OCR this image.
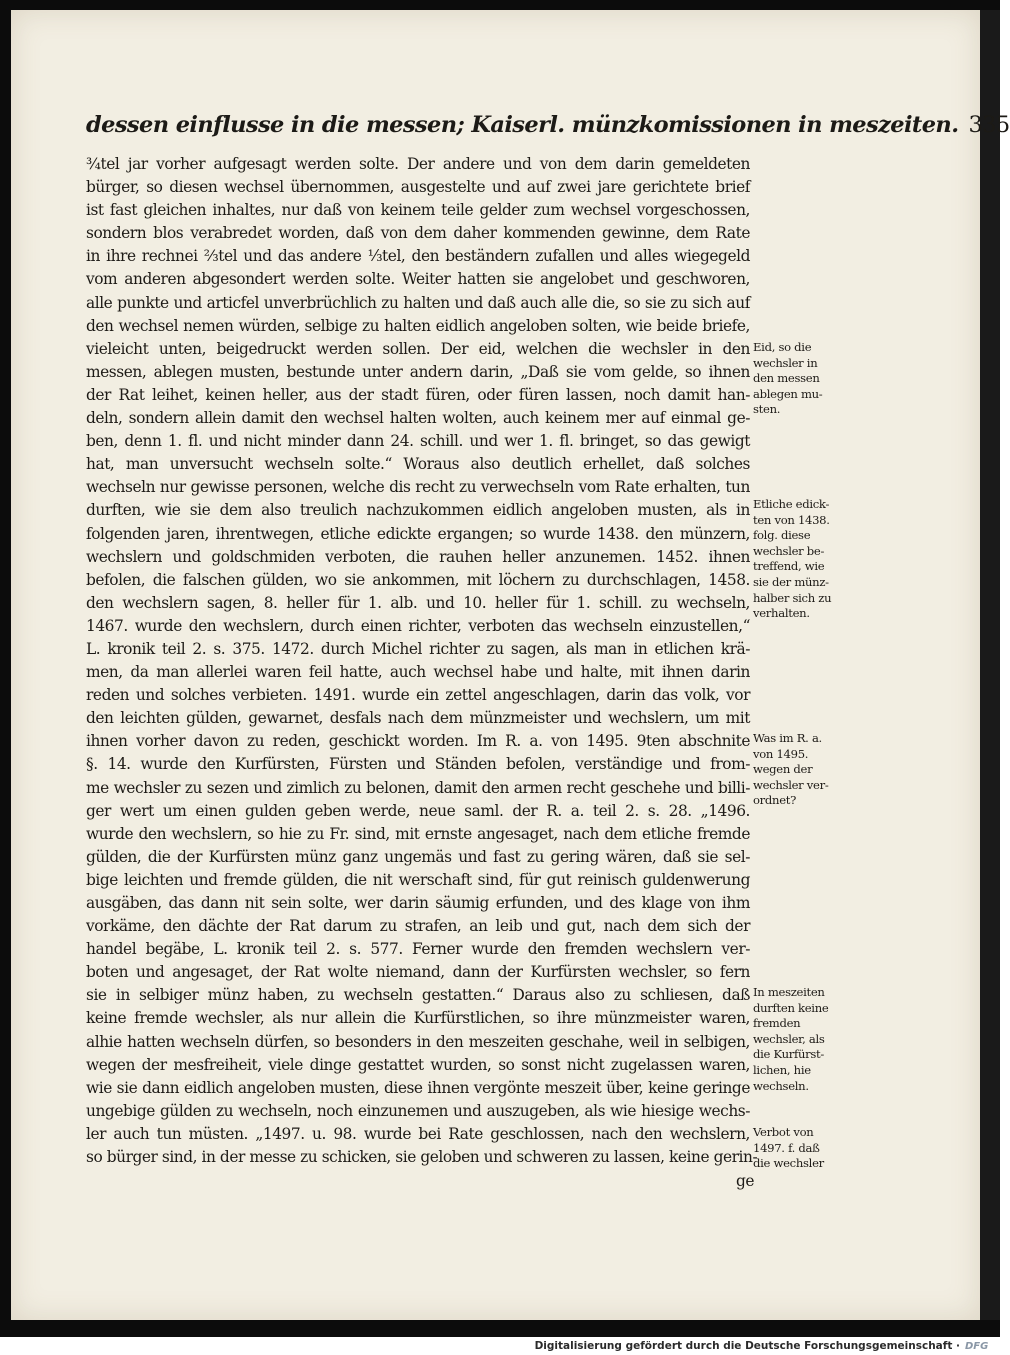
dessen einflusse in die messen; Kaiserl. münzkomissionen in meszeiten. 335
¾tel jar vorher aufgesagt werden solte. Der andere und von dem darin gemeldeten
bürger, so diesen wechsel übernommen, ausgestelte und auf zwei jare gerichtete brief
ist fast gleichen inhaltes, nur daß von keinem teile gelder zum wechsel vorgeschossen,
sondern blos verabredet worden, daß von dem daher kommenden gewinne, dem Rate
in ihre rechnei ⅔tel und das andere ⅓tel, den beständern zufallen und alles wiegegeld
vom anderen abgesondert werden solte. Weiter hatten sie angelobet und geschworen,
alle punkte und articfel unverbrüchlich zu halten und daß auch alle die, so sie zu sich auf
den wechsel nemen würden, selbige zu halten eidlich angeloben solten, wie beide briefe,
vieleicht unten, beigedruckt werden sollen. Der eid, welchen die wechsler in den
messen, ablegen musten, bestunde unter andern darin, „Daß sie vom gelde, so ihnen
der Rat leihet, keinen heller, aus der stadt füren, oder füren lassen, noch damit han-
deln, sondern allein damit den wechsel halten wolten, auch keinem mer auf einmal ge-
ben, denn 1. fl. und nicht minder dann 24. schill. und wer 1. fl. bringet, so das gewigt
hat, man unversucht wechseln solte.“ Woraus also deutlich erhellet, daß solches
wechseln nur gewisse personen, welche dis recht zu verwechseln vom Rate erhalten, tun
durften, wie sie dem also treulich nachzukommen eidlich angeloben musten, als in
folgenden jaren, ihrentwegen, etliche edickte ergangen; so wurde 1438. den münzern,
wechslern und goldschmiden verboten, die rauhen heller anzunemen. 1452. ihnen
befolen, die falschen gülden, wo sie ankommen, mit löchern zu durchschlagen, 1458.
den wechslern sagen, 8. heller für 1. alb. und 10. heller für 1. schill. zu wechseln,
1467. wurde den wechslern, durch einen richter, verboten das wechseln einzustellen,“
L. kronik teil 2. s. 375. 1472. durch Michel richter zu sagen, als man in etlichen krä-
men, da man allerlei waren feil hatte, auch wechsel habe und halte, mit ihnen darin
reden und solches verbieten. 1491. wurde ein zettel angeschlagen, darin das volk, vor
den leichten gülden, gewarnet, desfals nach dem münzmeister und wechslern, um mit
ihnen vorher davon zu reden, geschickt worden. Im R. a. von 1495. 9ten abschnite
§. 14. wurde den Kurfürsten, Fürsten und Ständen befolen, verständige und from-
me wechsler zu sezen und zimlich zu belonen, damit den armen recht geschehe und billi-
ger wert um einen gulden geben werde, neue saml. der R. a. teil 2. s. 28. „1496.
wurde den wechslern, so hie zu Fr. sind, mit ernste angesaget, nach dem etliche fremde
gülden, die der Kurfürsten münz ganz ungemäs und fast zu gering wären, daß sie sel-
bige leichten und fremde gülden, die nit werschaft sind, für gut reinisch guldenwerung
ausgäben, das dann nit sein solte, wer darin säumig erfunden, und des klage von ihm
vorkäme, den dächte der Rat darum zu strafen, an leib und gut, nach dem sich der
handel begäbe, L. kronik teil 2. s. 577. Ferner wurde den fremden wechslern ver-
boten und angesaget, der Rat wolte niemand, dann der Kurfürsten wechsler, so fern
sie in selbiger münz haben, zu wechseln gestatten.“ Daraus also zu schliesen, daß
keine fremde wechsler, als nur allein die Kurfürstlichen, so ihre münzmeister waren,
alhie hatten wechseln dürfen, so besonders in den meszeiten geschahe, weil in selbigen,
wegen der mesfreiheit, viele dinge gestattet wurden, so sonst nicht zugelassen waren,
wie sie dann eidlich angeloben musten, diese ihnen vergönte meszeit über, keine geringe
ungebige gülden zu wechseln, noch einzunemen und auszugeben, als wie hiesige wechs-
ler auch tun müsten. „1497. u. 98. wurde bei Rate geschlossen, nach den wechslern,
so bürger sind, in der messe zu schicken, sie geloben und schweren zu lassen, keine gerin-
Eid, so die
wechsler in
den messen
ablegen mu-
sten.
Etliche edick-
ten von 1438.
folg. diese
wechsler be-
treffend, wie
sie der münz-
halber sich zu
verhalten.
Was im R. a.
von 1495.
wegen der
wechsler ver-
ordnet?
In meszeiten
durften keine
fremden
wechsler, als
die Kurfürst-
lichen, hie
wechseln.
Verbot von
1497. f. daß
die wechsler
ge
Digitalisierung gefördert durch die Deutsche Forschungsgemeinschaft · DFG
